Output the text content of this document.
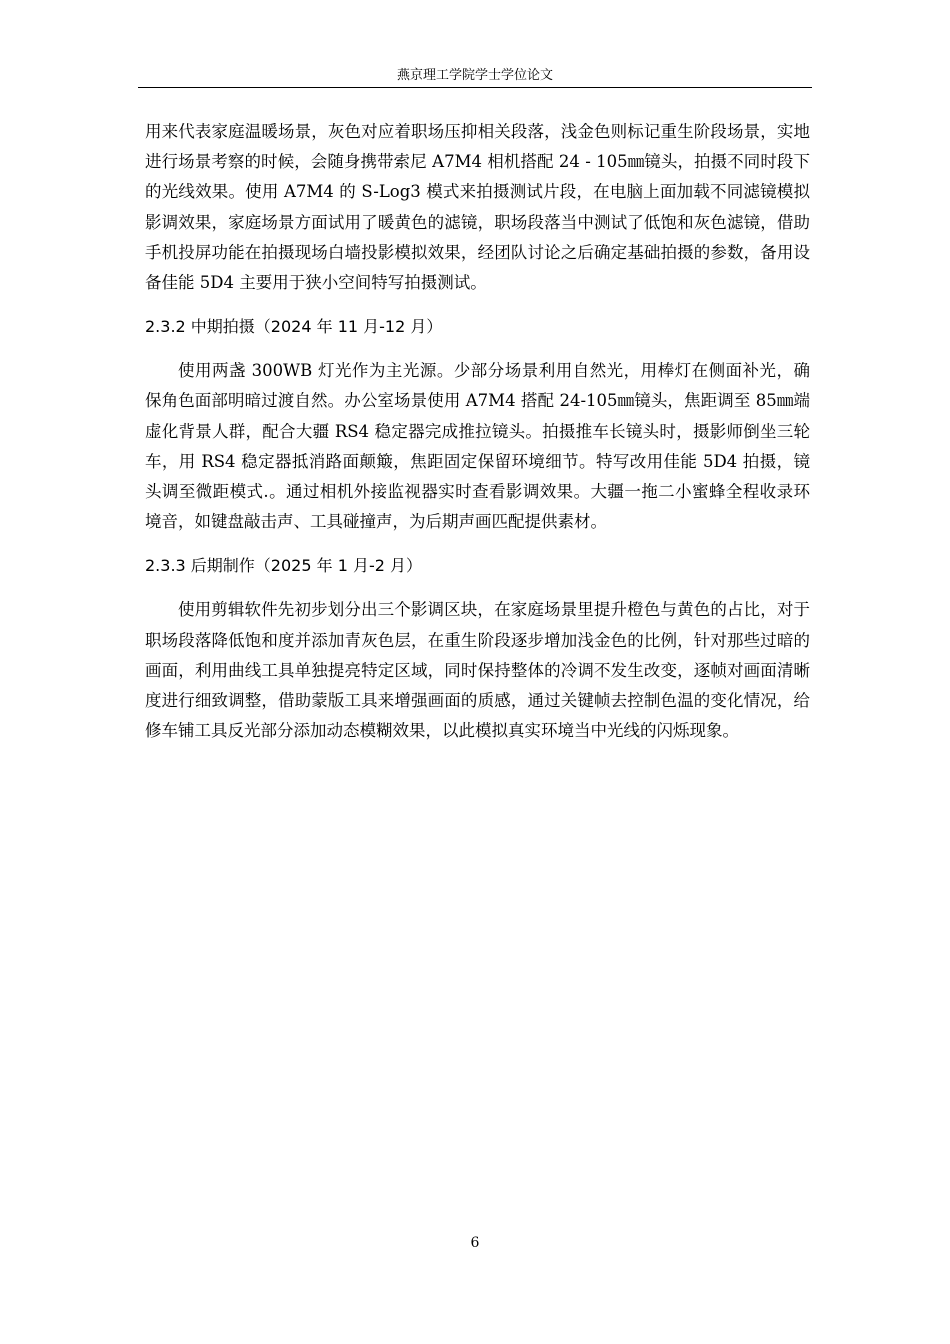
燕京理工学院学士学位论文

用来代表家庭温暖场景，灰色对应着职场压抑相关段落，浅金色则标记重生阶段场景，实地进行场景考察的时候，会随身携带索尼 A7M4 相机搭配 24 - 105㎜镜头，拍摄不同时段下的光线效果。使用 A7M4 的 S-Log3 模式来拍摄测试片段，在电脑上面加载不同滤镜模拟影调效果，家庭场景方面试用了暖黄色的滤镜，职场段落当中测试了低饱和灰色滤镜，借助手机投屏功能在拍摄现场白墙投影模拟效果，经团队讨论之后确定基础拍摄的参数，备用设备佳能 5D4 主要用于狭小空间特写拍摄测试。

2.3.2 中期拍摄（2024 年 11 月-12 月）

使用两盏 300WB 灯光作为主光源。少部分场景利用自然光，用棒灯在侧面补光，确保角色面部明暗过渡自然。办公室场景使用 A7M4 搭配 24-105㎜镜头，焦距调至 85㎜端虚化背景人群，配合大疆 RS4 稳定器完成推拉镜头。拍摄推车长镜头时，摄影师倒坐三轮车，用 RS4 稳定器抵消路面颠簸，焦距固定保留环境细节。特写改用佳能 5D4 拍摄，镜头调至微距模式.。通过相机外接监视器实时查看影调效果。大疆一拖二小蜜蜂全程收录环境音，如键盘敲击声、工具碰撞声，为后期声画匹配提供素材。

2.3.3 后期制作（2025 年 1 月-2 月）

使用剪辑软件先初步划分出三个影调区块，在家庭场景里提升橙色与黄色的占比，对于职场段落降低饱和度并添加青灰色层，在重生阶段逐步增加浅金色的比例，针对那些过暗的画面，利用曲线工具单独提亮特定区域，同时保持整体的冷调不发生改变，逐帧对画面清晰度进行细致调整，借助蒙版工具来增强画面的质感，通过关键帧去控制色温的变化情况，给修车铺工具反光部分添加动态模糊效果，以此模拟真实环境当中光线的闪烁现象。

6
